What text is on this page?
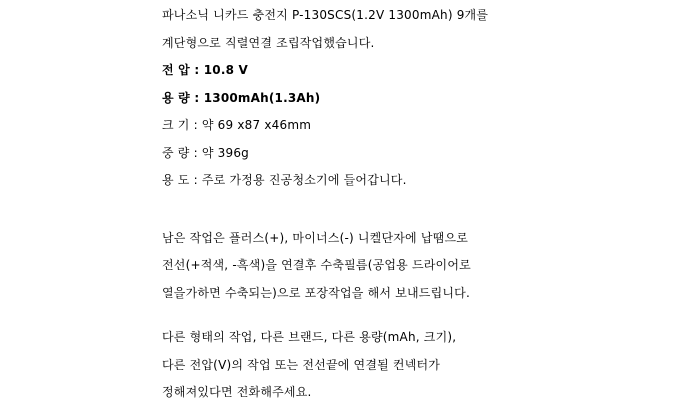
파나소닉 니카드 충전지 P-130SCS(1.2V 1300mAh) 9개를
계단형으로 직렬연결 조립작업했습니다.
전 압 : 10.8 V
용 량 : 1300mAh(1.3Ah)
크 기 : 약 69 x87 x46mm
중 량 : 약 396g
용 도 : 주로 가정용 진공청소기에 들어갑니다.
남은 작업은 플러스(+), 마이너스(-) 니켈단자에 납땜으로
전선(+적색, -흑색)을 연결후 수축필름(공업용 드라이어로
열을가하면 수축되는)으로 포장작업을 해서 보내드립니다.
다른 형태의 작업, 다른 브랜드, 다른 용량(mAh, 크기),
다른 전압(V)의 작업 또는 전선끝에 연결될 컨넥터가
정해져있다면 전화해주세요.
